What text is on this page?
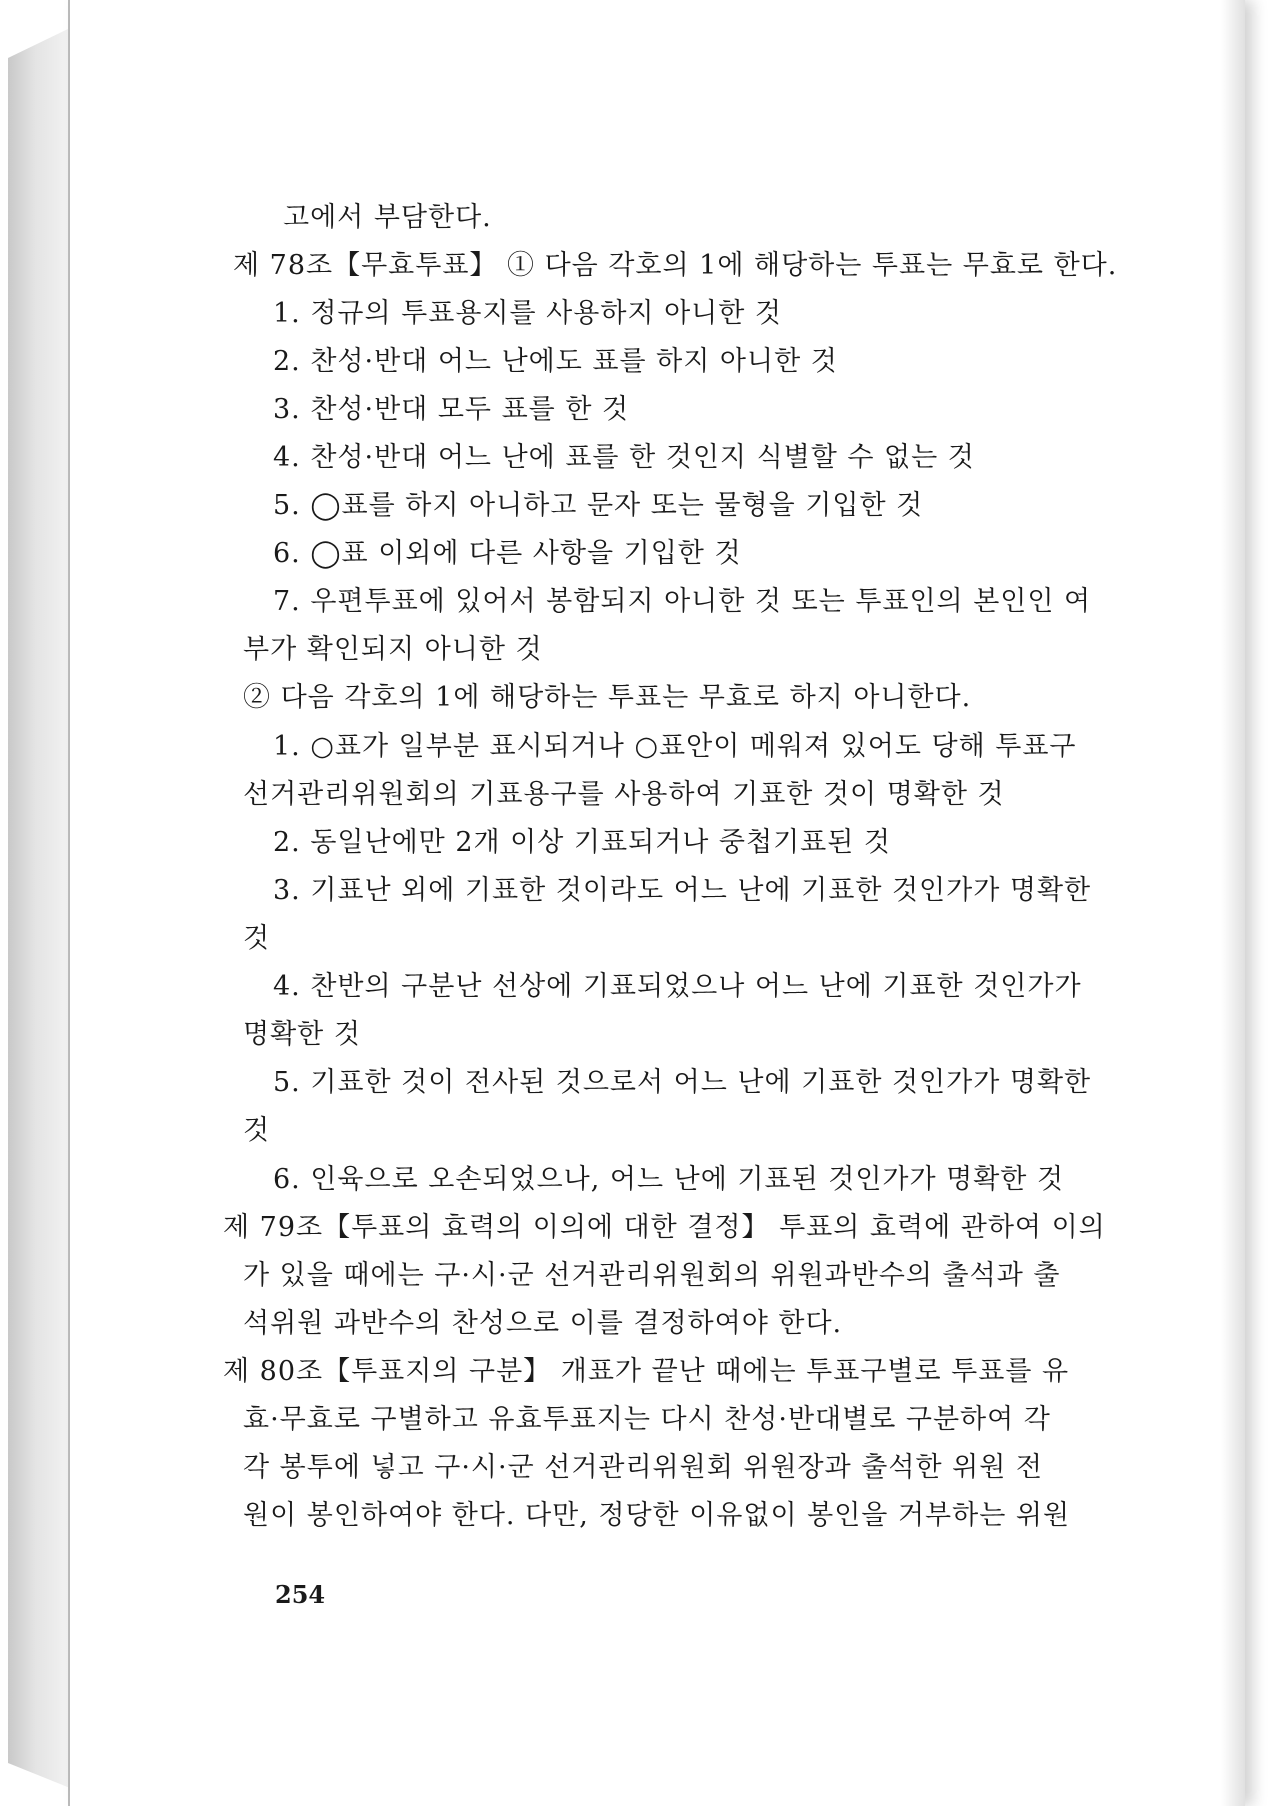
고에서 부담한다.
제 78조【무효투표】 ① 다음 각호의 1에 해당하는 투표는 무효로 한다.
1. 정규의 투표용지를 사용하지 아니한 것
2. 찬성·반대 어느 난에도 표를 하지 아니한 것
3. 찬성·반대 모두 표를 한 것
4. 찬성·반대 어느 난에 표를 한 것인지 식별할 수 없는 것
5. ◯표를 하지 아니하고 문자 또는 물형을 기입한 것
6. ◯표 이외에 다른 사항을 기입한 것
7. 우편투표에 있어서 봉함되지 아니한 것 또는 투표인의 본인인 여
부가 확인되지 아니한 것
② 다음 각호의 1에 해당하는 투표는 무효로 하지 아니한다.
1. ○표가 일부분 표시되거나 ○표안이 메워져 있어도 당해 투표구
선거관리위원회의 기표용구를 사용하여 기표한 것이 명확한 것
2. 동일난에만 2개 이상 기표되거나 중첩기표된 것
3. 기표난 외에 기표한 것이라도 어느 난에 기표한 것인가가 명확한
것
4. 찬반의 구분난 선상에 기표되었으나 어느 난에 기표한 것인가가
명확한 것
5. 기표한 것이 전사된 것으로서 어느 난에 기표한 것인가가 명확한
것
6. 인육으로 오손되었으나, 어느 난에 기표된 것인가가 명확한 것
제 79조【투표의 효력의 이의에 대한 결정】 투표의 효력에 관하여 이의
가 있을 때에는 구·시·군 선거관리위원회의 위원과반수의 출석과 출
석위원 과반수의 찬성으로 이를 결정하여야 한다.
제 80조【투표지의 구분】 개표가 끝난 때에는 투표구별로 투표를 유
효·무효로 구별하고 유효투표지는 다시 찬성·반대별로 구분하여 각
각 봉투에 넣고 구·시·군 선거관리위원회 위원장과 출석한 위원 전
원이 봉인하여야 한다. 다만, 정당한 이유없이 봉인을 거부하는 위원
254
